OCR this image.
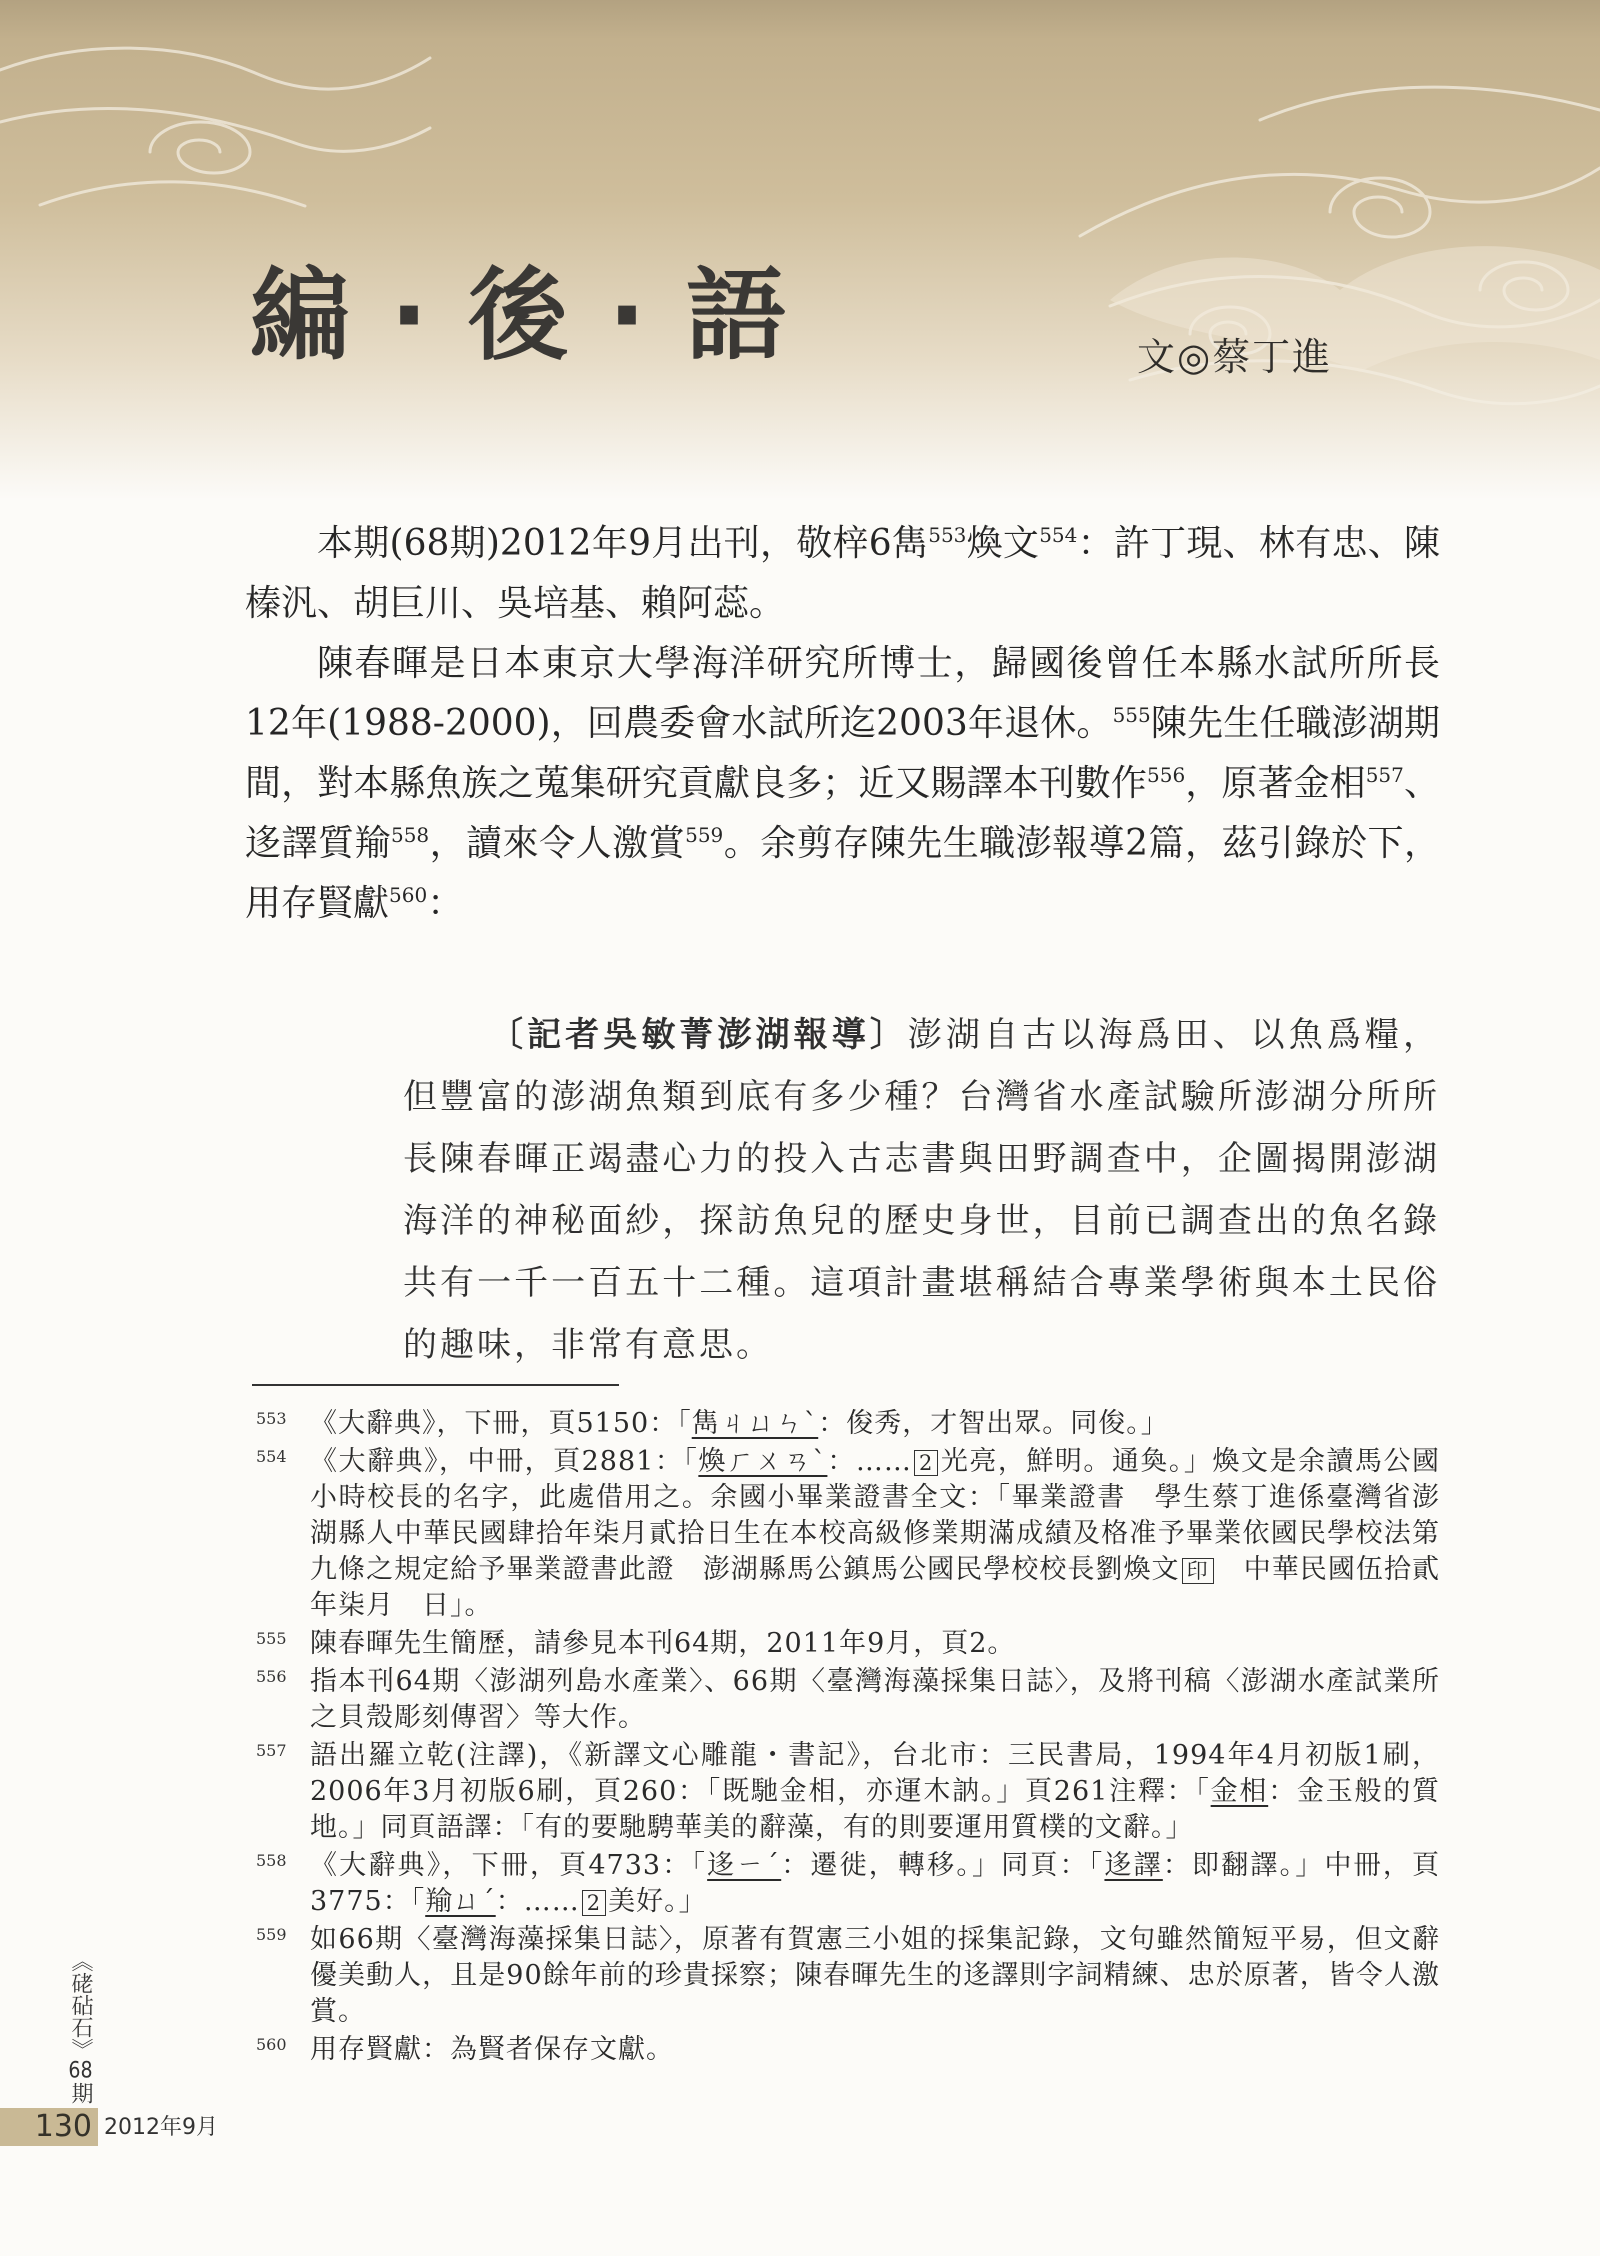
編·後·語	文◎蔡丁進

本期(68期)2012年9月出刊，敬梓6雋$^{553}$煥文$^{554}$：許丁現、林有忠、陳榛汎、胡巨川、吳培基、賴阿蕊。

陳春暉是日本東京大學海洋研究所博士，歸國後曾任本縣水試所所長12年(1988-2000)，回農委會水試所迄2003年退休。$^{555}$陳先生任職澎湖期間，對本縣魚族之蒐集研究貢獻良多；近又賜譯本刊數作$^{556}$，原著金相$^{557}$、迻譯質羭$^{558}$，讀來令人激賞$^{559}$。余剪存陳先生職澎報導2篇，茲引錄於下，用存賢獻$^{560}$：

〔記者吳敏菁澎湖報導〕澎湖自古以海爲田、以魚爲糧，但豐富的澎湖魚類到底有多少種？台灣省水產試驗所澎湖分所所長陳春暉正竭盡心力的投入古志書與田野調查中，企圖揭開澎湖海洋的神秘面紗，探訪魚兒的歷史身世，目前已調查出的魚名錄共有一千一百五十二種。這項計畫堪稱結合專業學術與本土民俗的趣味，非常有意思。
553 《大辭典》，下冊，頁5150：「雋ㄐㄩㄣˋ：俊秀，才智出眾。同俊。」
554 《大辭典》，中冊，頁2881：「煥ㄏㄨㄢˋ：…… 2 光亮，鮮明。通奐。」煥文是余讀馬公國小時校長的名字，此處借用之。余國小畢業證書全文：「畢業證書　學生蔡丁進係臺灣省澎湖縣人中華民國肆拾年柒月貳拾日生在本校高級修業期滿成績及格准予畢業依國民學校法第九條之規定給予畢業證書此證　澎湖縣馬公鎮馬公國民學校校長劉煥文 印　中華民國伍拾貳年柒月　日」。
555 陳春暉先生簡歷，請參見本刊64期，2011年9月，頁2。
556 指本刊64期〈澎湖列島水產業〉、66期〈臺灣海藻採集日誌〉，及將刊稿〈澎湖水產試業所之貝殼彫刻傳習〉等大作。
557 語出羅立乾(注譯)，《新譯文心雕龍・書記》，台北市：三民書局，1994年4月初版1刷，2006年3月初版6刷，頁260：「既馳金相，亦運木訥。」頁261注釋：「金相：金玉般的質地。」同頁語譯：「有的要馳騁華美的辭藻，有的則要運用質樸的文辭。」
558 《大辭典》，下冊，頁4733：「迻ㄧˊ：遷徙，轉移。」同頁：「迻譯：即翻譯。」中冊，頁3775：「羭ㄩˊ：…… 2 美好。」
559 如66期〈臺灣海藻採集日誌〉，原著有賀憲三小姐的採集記錄，文句雖然簡短平易，但文辭優美動人，且是90餘年前的珍貴採察；陳春暉先生的迻譯則字詞精練、忠於原著，皆令人激賞。
560 用存賢獻：為賢者保存文獻。
《硓砧石》68期
130 2012年9月
